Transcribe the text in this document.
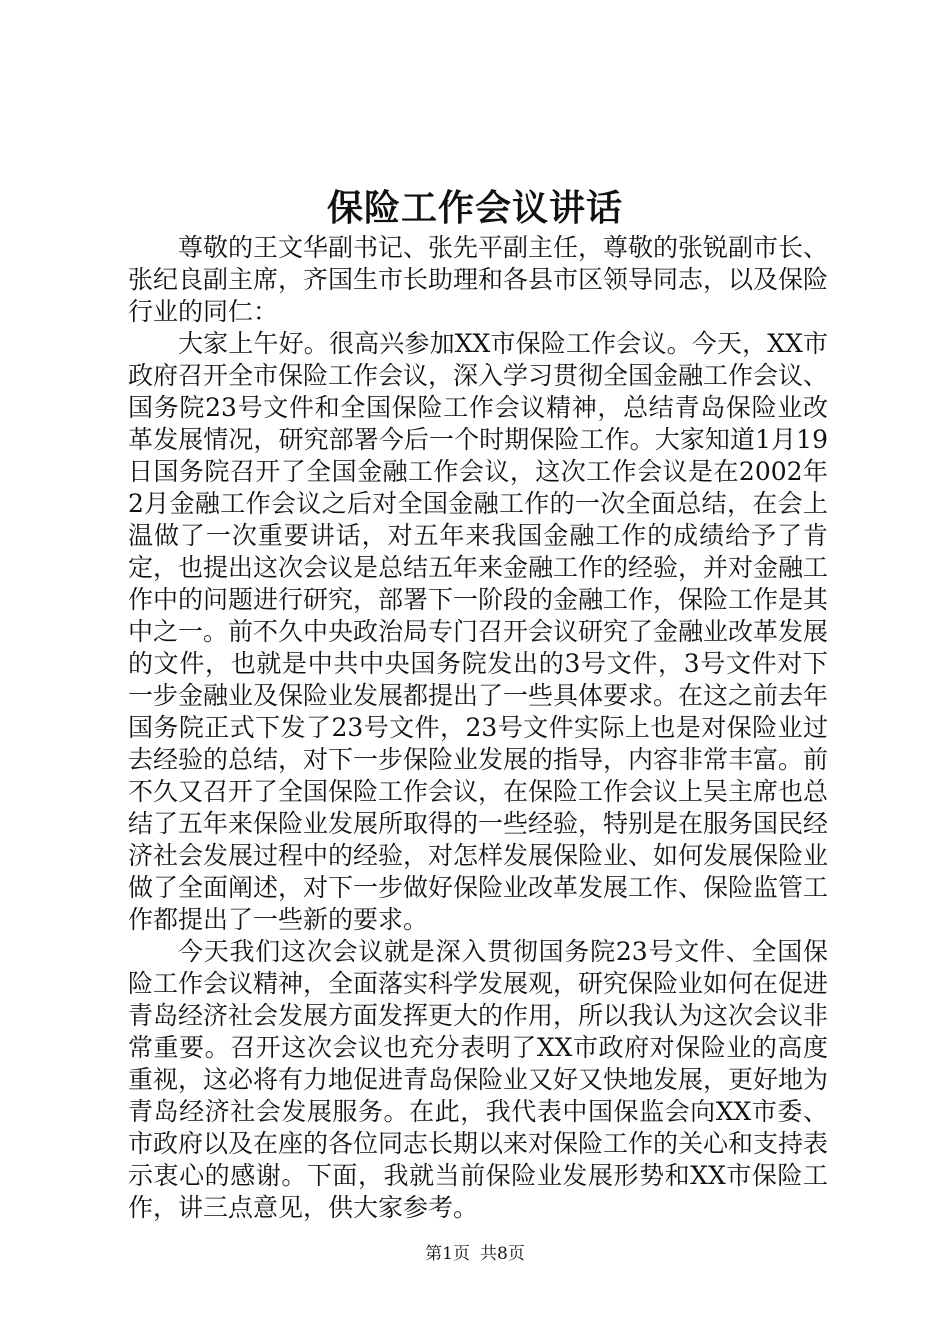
保险工作会议讲话

尊敬的王文华副书记、张先平副主任，尊敬的张锐副市长、张纪良副主席，齐国生市长助理和各县市区领导同志，以及保险行业的同仁：

大家上午好。很高兴参加XX市保险工作会议。今天，XX市政府召开全市保险工作会议，深入学习贯彻全国金融工作会议、国务院23号文件和全国保险工作会议精神，总结青岛保险业改革发展情况，研究部署今后一个时期保险工作。大家知道1月19日国务院召开了全国金融工作会议，这次工作会议是在2002年2月金融工作会议之后对全国金融工作的一次全面总结，在会上温做了一次重要讲话，对五年来我国金融工作的成绩给予了肯定，也提出这次会议是总结五年来金融工作的经验，并对金融工作中的问题进行研究，部署下一阶段的金融工作，保险工作是其中之一。前不久中央政治局专门召开会议研究了金融业改革发展的文件，也就是中共中央国务院发出的3号文件，3号文件对下一步金融业及保险业发展都提出了一些具体要求。在这之前去年国务院正式下发了23号文件，23号文件实际上也是对保险业过去经验的总结，对下一步保险业发展的指导，内容非常丰富。前不久又召开了全国保险工作会议，在保险工作会议上吴主席也总结了五年来保险业发展所取得的一些经验，特别是在服务国民经济社会发展过程中的经验，对怎样发展保险业、如何发展保险业做了全面阐述，对下一步做好保险业改革发展工作、保险监管工作都提出了一些新的要求。

今天我们这次会议就是深入贯彻国务院23号文件、全国保险工作会议精神，全面落实科学发展观，研究保险业如何在促进青岛经济社会发展方面发挥更大的作用，所以我认为这次会议非常重要。召开这次会议也充分表明了XX市政府对保险业的高度重视，这必将有力地促进青岛保险业又好又快地发展，更好地为青岛经济社会发展服务。在此，我代表中国保监会向XX市委、市政府以及在座的各位同志长期以来对保险工作的关心和支持表示衷心的感谢。下面，我就当前保险业发展形势和XX市保险工作，讲三点意见，供大家参考。

第1页 共8页
